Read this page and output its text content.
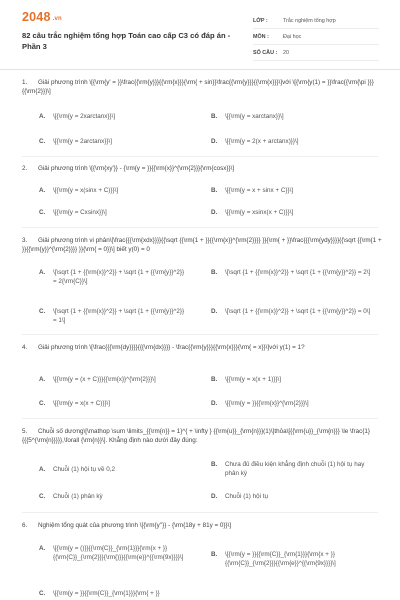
2048 .vn
82 câu trắc nghiệm tổng hợp Toán cao cấp C3 có đáp án - Phần 3
LỚP :	Trắc nghiệm tổng hợp
MÔN :	Đại học
SỐ CÂU :	20
1. Giải phương trình \[{\rm{y' = }}\frac{{\rm{y}}}{{\rm{x}}}{\rm{ + sin}}\frac{{\rm{y}}}{{\rm{x}}}\]với \[{\rm{y(1) = }}\frac{{\rm{\pi }}}{{\rm{2}}}\]
A.	\[{\rm{y = 2xarctanx}}\]	B.	\[{\rm{y = xarctanx}}\]
C.	\[{\rm{y = 2arctanx}}\]	D.	\[{\rm{y = 2(x + arctanx)}}\]
2. Giải phương trình \[{\rm{xy'}} - {\rm{y = }}{{\rm{x}}^{\rm{2}}}{\rm{cosx}}\]
A.	\[{\rm{y = x(sinx + C)}}\]	B.	\[{\rm{y = x + sinx + C}}\]
C.	\[{\rm{y = Cxsinx}}\]	D.	\[{\rm{y = xsinx(x + C)}}\]
3. Giải phương trình vi phân\[\frac{{{\rm{xdx}}}}{{\sqrt {{\rm{1 + }}{{\rm{x}}^{\rm{2}}}} }}{\rm{ + }}\frac{{{\rm{ydy}}}}{{\sqrt {{\rm{1 + }}{{\rm{y}}^{\rm{2}}}} }}{\rm{ = 0}}\] biết y(0) = 0
A.	\[\sqrt {1 + {{\rm{x}}^2}} + \sqrt {1 + {{\rm{y}}^2}} = 2{\rm{C}}\]
B.	\[\sqrt {1 + {{\rm{x}}^2}} + \sqrt {1 + {{\rm{y}}^2}} = 2\]
C.	\[\sqrt {1 + {{\rm{x}}^2}} + \sqrt {1 + {{\rm{y}}^2}} = 1\]
D.	\[\sqrt {1 + {{\rm{x}}^2}} + \sqrt {1 + {{\rm{y}}^2}} = 0\]
4. Giải phương trình \[\frac{{{\rm{dy}}}}{{{\rm{dx}}}} - \frac{{\rm{y}}}{{\rm{x}}}{\rm{ = x}}\]với y(1) = 1?
A.	\[{\rm{y = (x + C)}}{{\rm{x}}^{\rm{2}}}\]	B.	\[{\rm{y = x(x + 1)}}\]
C.	\[{\rm{y = x(x + C)}}\]	D.	\[{\rm{y = }}{{\rm{x}}^{\rm{2}}}\]
5. Chuỗi số dương\[\mathop \sum \limits_{{\rm{n}} = 1}^{ + \infty } {{\rm{u}}_{\rm{n}}}(1)\]thỏa\[{{\rm{u}}_{\rm{n}}} \le \frac{1}{{{5^{\rm{n}}}}},\forall {\rm{n}}\]. Khẳng định nào dưới đây đúng:
A.	Chuỗi (1) hội tụ về 0,2
B.	Chưa đủ điều kiện khẳng định chuỗi (1) hội tụ hay phân kỳ
C.	Chuỗi (1) phân kỳ	D.	Chuỗi (1) hội tụ
6. Nghiệm tổng quát của phương trình \[{\rm{y''}} - {\rm{18y + 81y = 0}}\]
A.	\[{\rm{y = ()}}{{\rm{C}}_{\rm{1}}}{\rm{x + }}{{\rm{C}}_{\rm{2}}}{\rm{)}}{{\rm{e}}^{{\rm{9x}}}}\]	B.	\[{\rm{y = }}{{\rm{C}}_{\rm{1}}}{\rm{x + }}{{\rm{C}}_{\rm{2}}}{{\rm{e}}^{{\rm{9x}}}}\]
C.	\[{\rm{y = }}{{\rm{C}}_{\rm{1}}}{\rm{ + }}
